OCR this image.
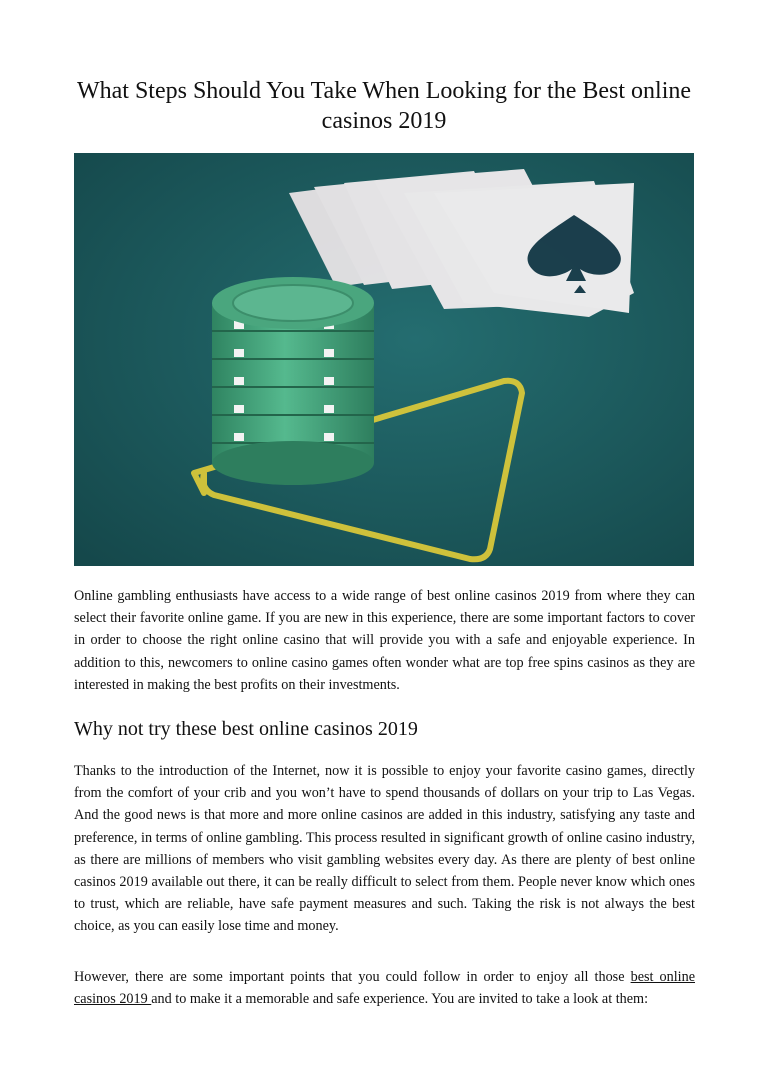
What Steps Should You Take When Looking for the Best online casinos 2019

Online gambling enthusiasts have access to a wide range of best online casinos 2019 from where they can select their favorite online game. If you are new in this experience, there are some important factors to cover in order to choose the right online casino that will provide you with a safe and enjoyable experience. In addition to this, newcomers to online casino games often wonder what are top free spins casinos as they are interested in making the best profits on their investments.

Why not try these best online casinos 2019

Thanks to the introduction of the Internet, now it is possible to enjoy your favorite casino games, directly from the comfort of your crib and you won’t have to spend thousands of dollars on your trip to Las Vegas. And the good news is that more and more online casinos are added in this industry, satisfying any taste and preference, in terms of online gambling. This process resulted in significant growth of online casino industry, as there are millions of members who visit gambling websites every day. As there are plenty of best online casinos 2019 available out there, it can be really difficult to select from them. People never know which ones to trust, which are reliable, have safe payment measures and such. Taking the risk is not always the best choice, as you can easily lose time and money.

However, there are some important points that you could follow in order to enjoy all those best online casinos 2019 and to make it a memorable and safe experience. You are invited to take a look at them:
